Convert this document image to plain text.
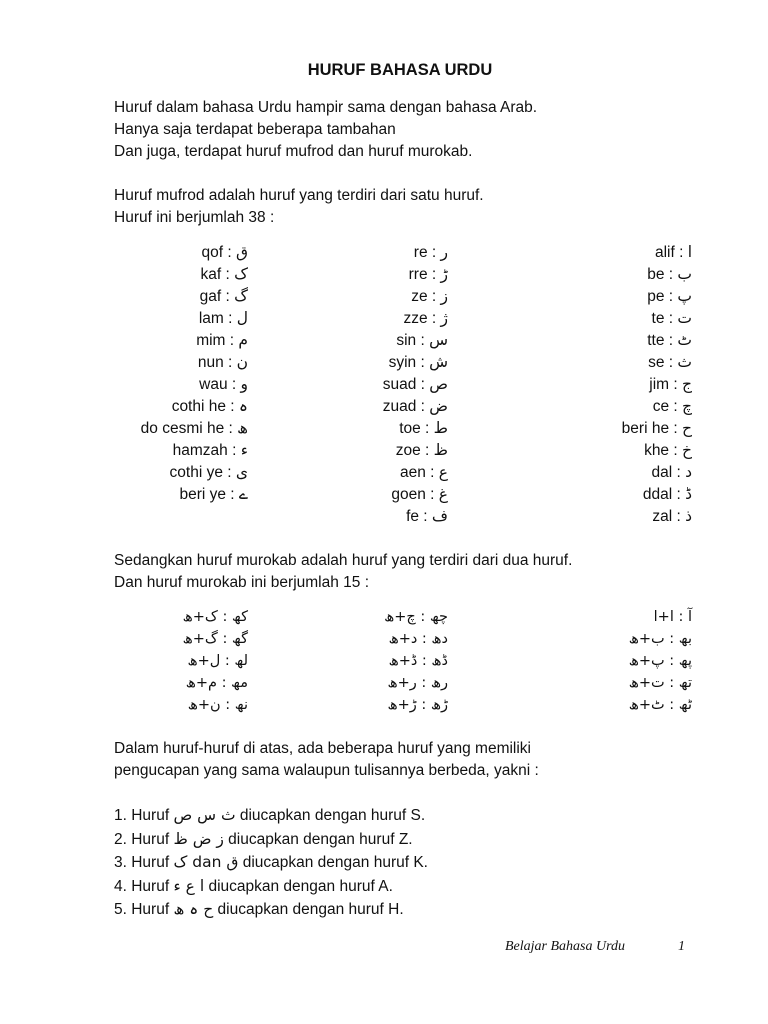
HURUF BAHASA URDU
Huruf dalam bahasa Urdu hampir sama dengan bahasa Arab.
Hanya saja terdapat beberapa tambahan
Dan juga, terdapat huruf mufrod dan huruf murokab.
Huruf mufrod adalah huruf yang terdiri dari satu huruf.
Huruf ini berjumlah 38 :
alif : ا
be : ب
pe : پ
te : ت
tte : ٹ
se : ث
jim : ج
ce : چ
beri he : ح
khe : خ
dal : د
ddal : ڈ
zal : ذ
re : ر
rre : ڑ
ze : ز
zze : ژ
sin : س
syin : ش
suad : ص
zuad : ض
toe : ط
zoe : ظ
aen : ع
goen : غ
fe : ف
qof : ق
kaf : ک
gaf : گ
lam : ل
mim : م
nun : ن
wau : و
cothi he : ہ
do cesmi he : ھ
hamzah : ء
cothi ye : ی
beri ye : ے
Sedangkan huruf murokab adalah huruf yang terdiri dari dua huruf.
Dan huruf murokab ini berjumlah 15 :
آ : ا+ا
بھ : ب+ھ
پھ : پ+ھ
تھ : ت+ھ
ٹھ : ٹ+ھ
چھ : چ+ھ
دھ : د+ھ
ڈھ : ڈ+ھ
رھ : ر+ھ
ڑھ : ڑ+ھ
کھ : ک+ھ
گھ : گ+ھ
لھ : ل+ھ
مھ : م+ھ
نھ : ن+ھ
Dalam huruf-huruf di atas, ada beberapa huruf yang memiliki
pengucapan yang sama walaupun tulisannya berbeda, yakni :
1. Huruf ث س ص diucapkan dengan huruf S.
2. Huruf ز ض ظ diucapkan dengan huruf Z.
3. Huruf ق dan ک diucapkan dengan huruf K.
4. Huruf ا ع ء diucapkan dengan huruf A.
5. Huruf ح ہ ھ diucapkan dengan huruf H.
Belajar Bahasa Urdu	1
